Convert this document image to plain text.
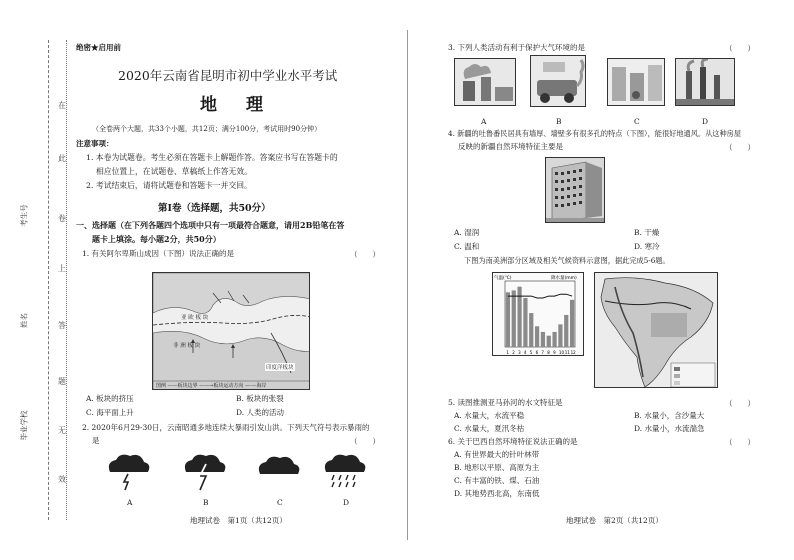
考生号
姓名
毕业学校
在
此
卷
上
答
题
无
效
绝密★启用前
2020年云南省昆明市初中学业水平考试
地　理
（全卷两个大题，共33个小题，共12页；满分100分，考试用时90分钟）
注意事项：
1. 本卷为试题卷。考生必须在答题卡上解题作答。答案应书写在答题卡的
相应位置上，在试题卷、草稿纸上作答无效。
2. 考试结束后，请将试题卷和答题卡一并交回。
第Ⅰ卷（选择题，共50分）
一、选择题（在下列各题四个选项中只有一项最符合题意，请用2B铅笔在答
题卡上填涂。每小题2分，共50分）
1. 有关阿尔卑斯山成因（下图）说法正确的是	（　　）
亚 欧 板 块
非 洲 板 块
印度洋板块
图例 ——板块边界 ——→板块运动方向 —·—海岸
A. 板块的挤压	B. 板块的张裂
C. 海平面上升	D. 人类的活动
2. 2020年6月29-30日，云南昭通多地连续大暴雨引发山洪。下列天气符号表示暴雨的
是	（　　）
A	B	C	D
地理试卷　第1页（共12页）
3. 下列人类活动有利于保护大气环境的是	（　　）
A	B	C	D
4. 新疆的吐鲁番民居具有墙厚、墙壁多有很多孔的特点（下图），能很好地通风。从这种房屋
反映的新疆自然环境特征主要是	（　　）
A. 湿润	B. 干燥
C. 温和	D. 寒冷
下图为南美洲部分区域及相关气候资料示意图，据此完成5-6题。
气温(℃)	降水量(mm)
1 2 3 4 5 6 7 8 9 10 11 12
5. 读图推测亚马孙河的水文特征是	（　　）
A. 水量大，水流平稳	B. 水量小，含沙量大
C. 水量大，夏汛冬枯	D. 水量小，水流湍急
6. 关于巴西自然环境特征说法正确的是	（　　）
A. 有世界最大的针叶林带
B. 地形以平原、高原为主
C. 有丰富的铁、煤、石油
D. 其地势西北高，东南低
地理试卷　第2页（共12页）
